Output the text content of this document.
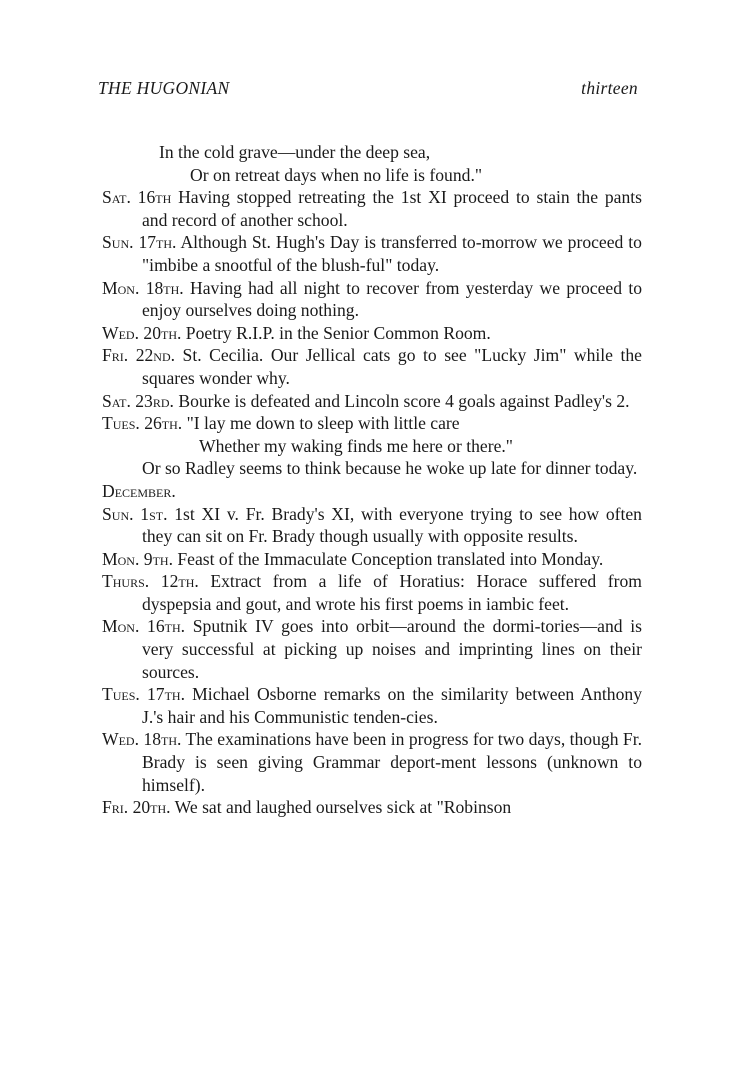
THE HUGONIAN	thirteen
In the cold grave—under the deep sea,
Or on retreat days when no life is found."

Sat. 16th Having stopped retreating the 1st XI proceed to stain the pants and record of another school.

Sun. 17th. Although St. Hugh's Day is transferred to-morrow we proceed to "imbibe a snootful of the blush-ful" today.

Mon. 18th. Having had all night to recover from yesterday we proceed to enjoy ourselves doing nothing.

Wed. 20th. Poetry R.I.P. in the Senior Common Room.

Fri. 22nd. St. Cecilia. Our Jellical cats go to see "Lucky Jim" while the squares wonder why.

Sat. 23rd. Bourke is defeated and Lincoln score 4 goals against Padley's 2.

Tues. 26th. "I lay me down to sleep with little care
Whether my waking finds me here or there."
Or so Radley seems to think because he woke up late for dinner today.

December.

Sun. 1st. 1st XI v. Fr. Brady's XI, with everyone trying to see how often they can sit on Fr. Brady though usually with opposite results.

Mon. 9th. Feast of the Immaculate Conception translated into Monday.

Thurs. 12th. Extract from a life of Horatius: Horace suffered from dyspepsia and gout, and wrote his first poems in iambic feet.

Mon. 16th. Sputnik IV goes into orbit—around the dormi-tories—and is very successful at picking up noises and imprinting lines on their sources.

Tues. 17th. Michael Osborne remarks on the similarity between Anthony J.'s hair and his Communistic tenden-cies.

Wed. 18th. The examinations have been in progress for two days, though Fr. Brady is seen giving Grammar deport-ment lessons (unknown to himself).

Fri. 20th. We sat and laughed ourselves sick at "Robinson
